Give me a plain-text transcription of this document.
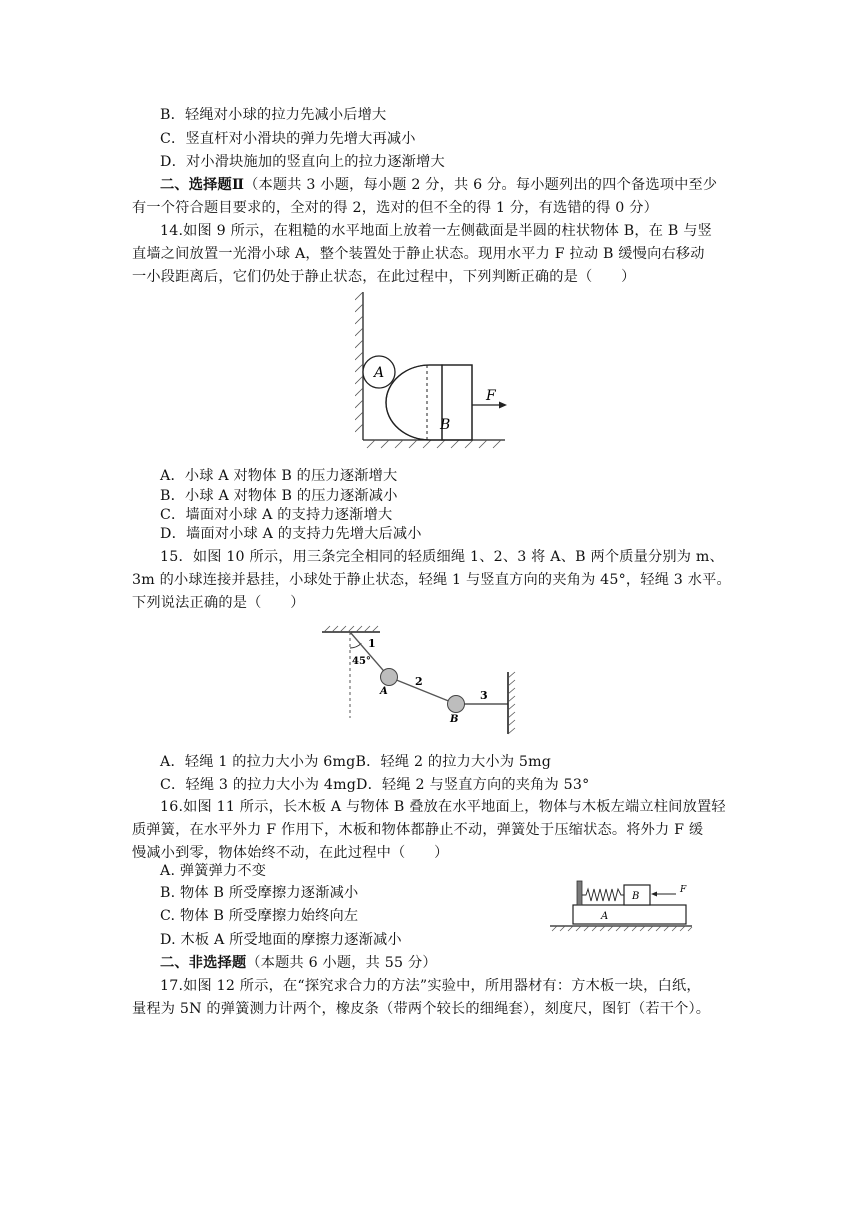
B．轻绳对小球的拉力先减小后增大
C．竖直杆对小滑块的弹力先增大再减小
D．对小滑块施加的竖直向上的拉力逐渐增大
二、选择题Ⅱ（本题共 3 小题，每小题 2 分，共 6 分。每小题列出的四个备选项中至少
有一个符合题目要求的，全对的得 2，选对的但不全的得 1 分，有选错的得 0 分）
14.如图 9 所示，在粗糙的水平地面上放着一左侧截面是半圆的柱状物体 B，在 B 与竖
直墙之间放置一光滑小球 A，整个装置处于静止状态。现用水平力 F 拉动 B 缓慢向右移动
一小段距离后，它们仍处于静止状态，在此过程中，下列判断正确的是（　　）
A
B
F
A．小球 A 对物体 B 的压力逐渐增大
B．小球 A 对物体 B 的压力逐渐减小
C．墙面对小球 A 的支持力逐渐增大
D．墙面对小球 A 的支持力先增大后减小
15．如图 10 所示，用三条完全相同的轻质细绳 1、2、3 将 A、B 两个质量分别为 m、
3m 的小球连接并悬挂，小球处于静止状态，轻绳 1 与竖直方向的夹角为 45°，轻绳 3 水平。
下列说法正确的是（　　）
45°
1
2
3
A
B
A．轻绳 1 的拉力大小为 6mgB．轻绳 2 的拉力大小为 5mg
C．轻绳 3 的拉力大小为 4mgD．轻绳 2 与竖直方向的夹角为 53°
16.如图 11 所示，长木板 A 与物体 B 叠放在水平地面上，物体与木板左端立柱间放置轻
质弹簧，在水平外力 F 作用下，木板和物体都静止不动，弹簧处于压缩状态。将外力 F 缓
慢减小到零，物体始终不动，在此过程中（　　）
A. 弹簧弹力不变
B. 物体 B 所受摩擦力逐渐减小
C. 物体 B 所受摩擦力始终向左
D. 木板 A 所受地面的摩擦力逐渐减小
A
B
F
二、非选择题（本题共 6 小题，共 55 分）
17.如图 12 所示，在“探究求合力的方法”实验中，所用器材有：方木板一块，白纸，
量程为 5N 的弹簧测力计两个，橡皮条（带两个较长的细绳套），刻度尺，图钉（若干个）。
